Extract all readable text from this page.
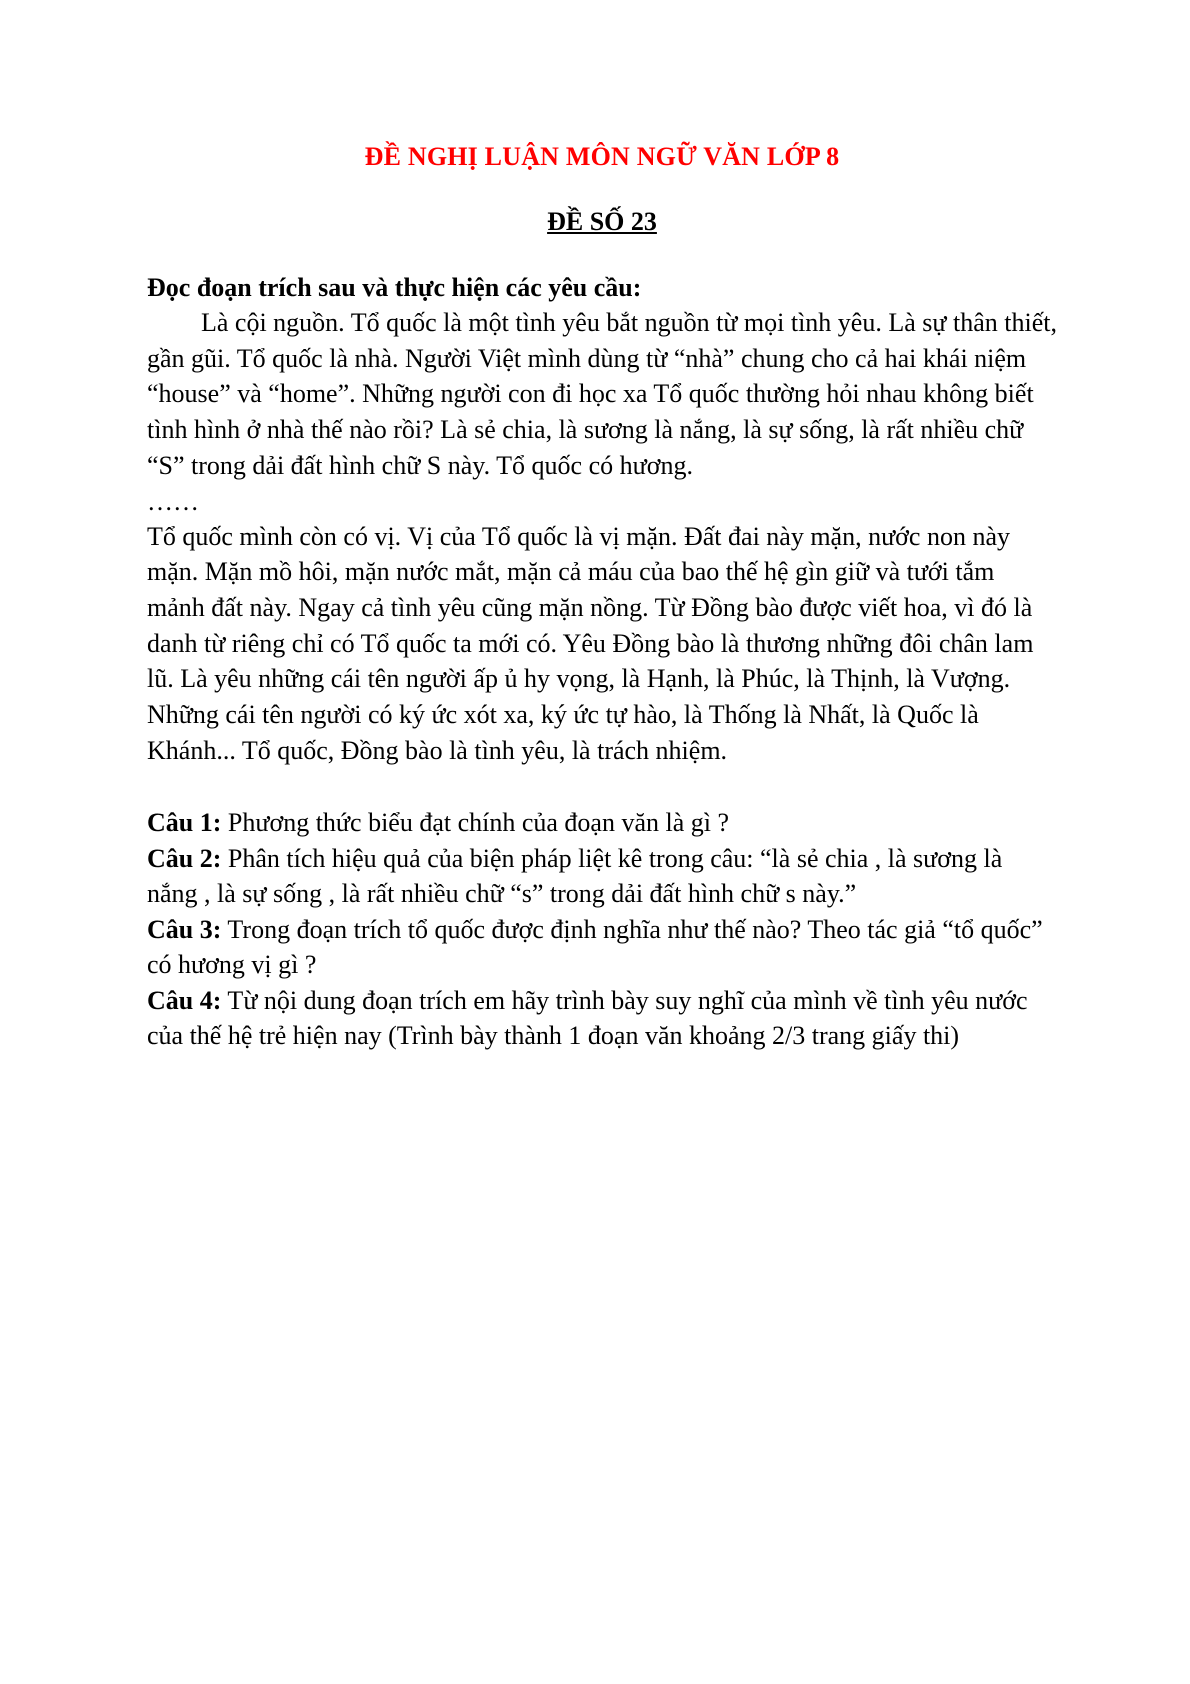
ĐỀ NGHỊ LUẬN MÔN NGỮ VĂN LỚP 8
ĐỀ SỐ 23

Đọc đoạn trích sau và thực hiện các yêu cầu:

Là cội nguồn. Tổ quốc là một tình yêu bắt nguồn từ mọi tình yêu. Là sự thân thiết, gần gũi. Tổ quốc là nhà. Người Việt mình dùng từ “nhà” chung cho cả hai khái niệm “house” và “home”. Những người con đi học xa Tổ quốc thường hỏi nhau không biết tình hình ở nhà thế nào rồi? Là sẻ chia, là sương là nắng, là sự sống, là rất nhiều chữ “S” trong dải đất hình chữ S này. Tổ quốc có hương.

……

Tổ quốc mình còn có vị. Vị của Tổ quốc là vị mặn. Đất đai này mặn, nước non này mặn. Mặn mồ hôi, mặn nước mắt, mặn cả máu của bao thế hệ gìn giữ và tưới tắm mảnh đất này. Ngay cả tình yêu cũng mặn nồng. Từ Đồng bào được viết hoa, vì đó là danh từ riêng chỉ có Tổ quốc ta mới có. Yêu Đồng bào là thương những đôi chân lam lũ. Là yêu những cái tên người ấp ủ hy vọng, là Hạnh, là Phúc, là Thịnh, là Vượng. Những cái tên người có ký ức xót xa, ký ức tự hào, là Thống là Nhất, là Quốc là Khánh... Tổ quốc, Đồng bào là tình yêu, là trách nhiệm.

Câu 1: Phương thức biểu đạt chính của đoạn văn là gì ?

Câu 2: Phân tích hiệu quả của biện pháp liệt kê trong câu: “là sẻ chia , là sương là nắng , là sự sống , là rất nhiều chữ “s” trong dải đất hình chữ s này.”

Câu 3: Trong đoạn trích tổ quốc được định nghĩa như thế nào? Theo tác giả “tổ quốc” có hương vị gì ?

Câu 4: Từ nội dung đoạn trích em hãy trình bày suy nghĩ của mình về tình yêu nước của thế hệ trẻ hiện nay (Trình bày thành 1 đoạn văn khoảng 2/3 trang giấy thi)
